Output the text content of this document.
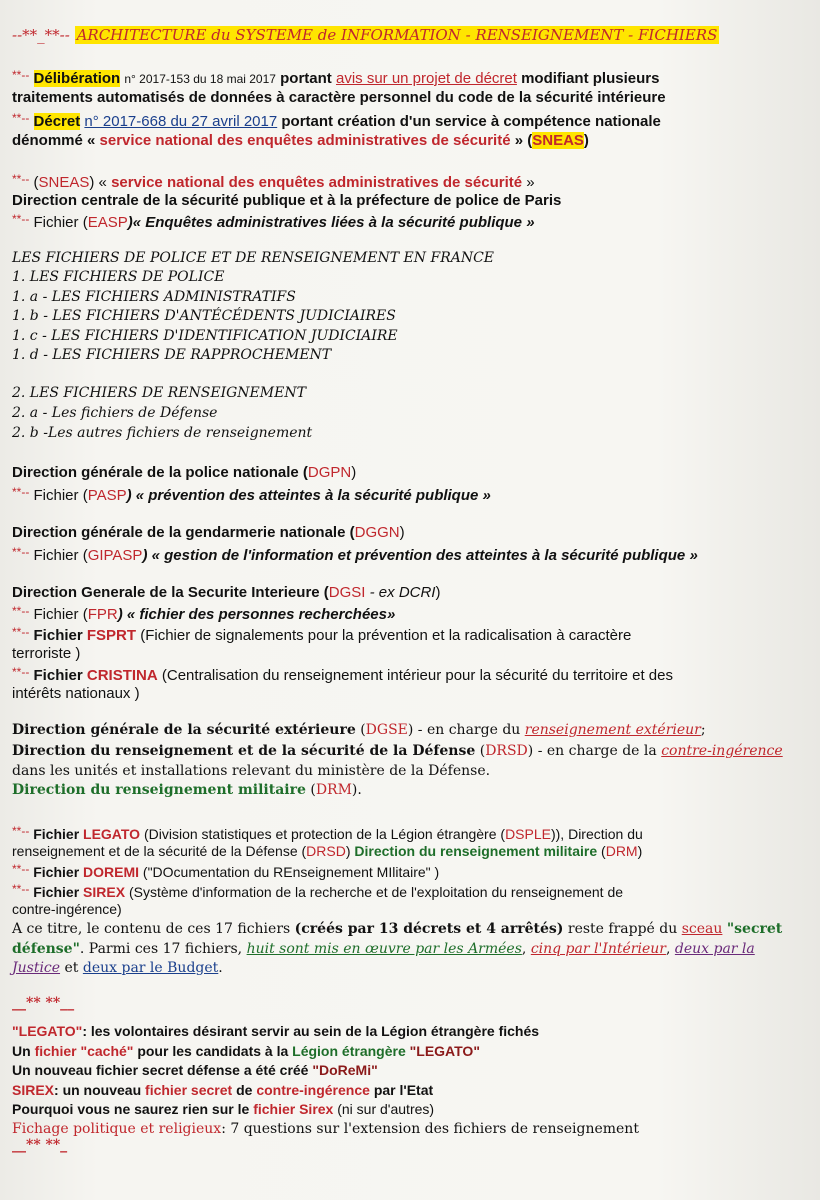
--**_**-- ARCHITECTURE du SYSTEME de INFORMATION - RENSEIGNEMENT - FICHIERS
**-- Délibération n° 2017-153 du 18 mai 2017 portant avis sur un projet de décret modifiant plusieurs
traitements automatisés de données à caractère personnel du code de la sécurité intérieure
**-- Décret n° 2017-668 du 27 avril 2017 portant création d'un service à compétence nationale
dénommé « service national des enquêtes administratives de sécurité » (SNEAS)
**-- (SNEAS) « service national des enquêtes administratives de sécurité »
Direction centrale de la sécurité publique et à la préfecture de police de Paris
**-- Fichier (EASP)« Enquêtes administratives liées à la sécurité publique »
LES FICHIERS DE POLICE ET DE RENSEIGNEMENT EN FRANCE
1. LES FICHIERS DE POLICE
1. a - LES FICHIERS ADMINISTRATIFS
1. b - LES FICHIERS D'ANTÉCÉDENTS JUDICIAIRES
1. c - LES FICHIERS D'IDENTIFICATION JUDICIAIRE
1. d - LES FICHIERS DE RAPPROCHEMENT
2. LES FICHIERS DE RENSEIGNEMENT
2. a - Les fichiers de Défense
2. b -Les autres fichiers de renseignement
Direction générale de la police nationale (DGPN)
**-- Fichier (PASP) « prévention des atteintes à la sécurité publique »
Direction générale de la gendarmerie nationale (DGGN)
**-- Fichier (GIPASP) « gestion de l'information et prévention des atteintes à la sécurité publique »
Direction Generale de la Securite Interieure (DGSI - ex DCRI)
**-- Fichier (FPR) « fichier des personnes recherchées»
**-- Fichier FSPRT (Fichier de signalements pour la prévention et la radicalisation à caractère
terroriste )
**-- Fichier CRISTINA (Centralisation du renseignement intérieur pour la sécurité du territoire et des
intérêts nationaux )
Direction générale de la sécurité extérieure (DGSE) - en charge du renseignement extérieur;
Direction du renseignement et de la sécurité de la Défense (DRSD) - en charge de la contre-ingérence
dans les unités et installations relevant du ministère de la Défense.
Direction du renseignement militaire (DRM).
**-- Fichier LEGATO (Division statistiques et protection de la Légion étrangère (DSPLE)), Direction du
renseignement et de la sécurité de la Défense (DRSD) Direction du renseignement militaire (DRM)
**-- Fichier DOREMI ("DOcumentation du REnseignement MIlitaire" )
**-- Fichier SIREX (Système d'information de la recherche et de l'exploitation du renseignement de
contre-ingérence)
A ce titre, le contenu de ces 17 fichiers (créés par 13 décrets et 4 arrêtés) reste frappé du sceau "secret
défense". Parmi ces 17 fichiers, huit sont mis en œuvre par les Armées, cinq par l'Intérieur, deux par la
Justice et deux par le Budget.
__** **__
"LEGATO": les volontaires désirant servir au sein de la Légion étrangère fichés
Un fichier "caché" pour les candidats à la Légion étrangère "LEGATO"
Un nouveau fichier secret défense a été créé "DoReMi"
SIREX: un nouveau fichier secret de contre-ingérence par l'Etat
Pourquoi vous ne saurez rien sur le fichier Sirex (ni sur d'autres)
Fichage politique et religieux: 7 questions sur l'extension des fichiers de renseignement
__** **_
